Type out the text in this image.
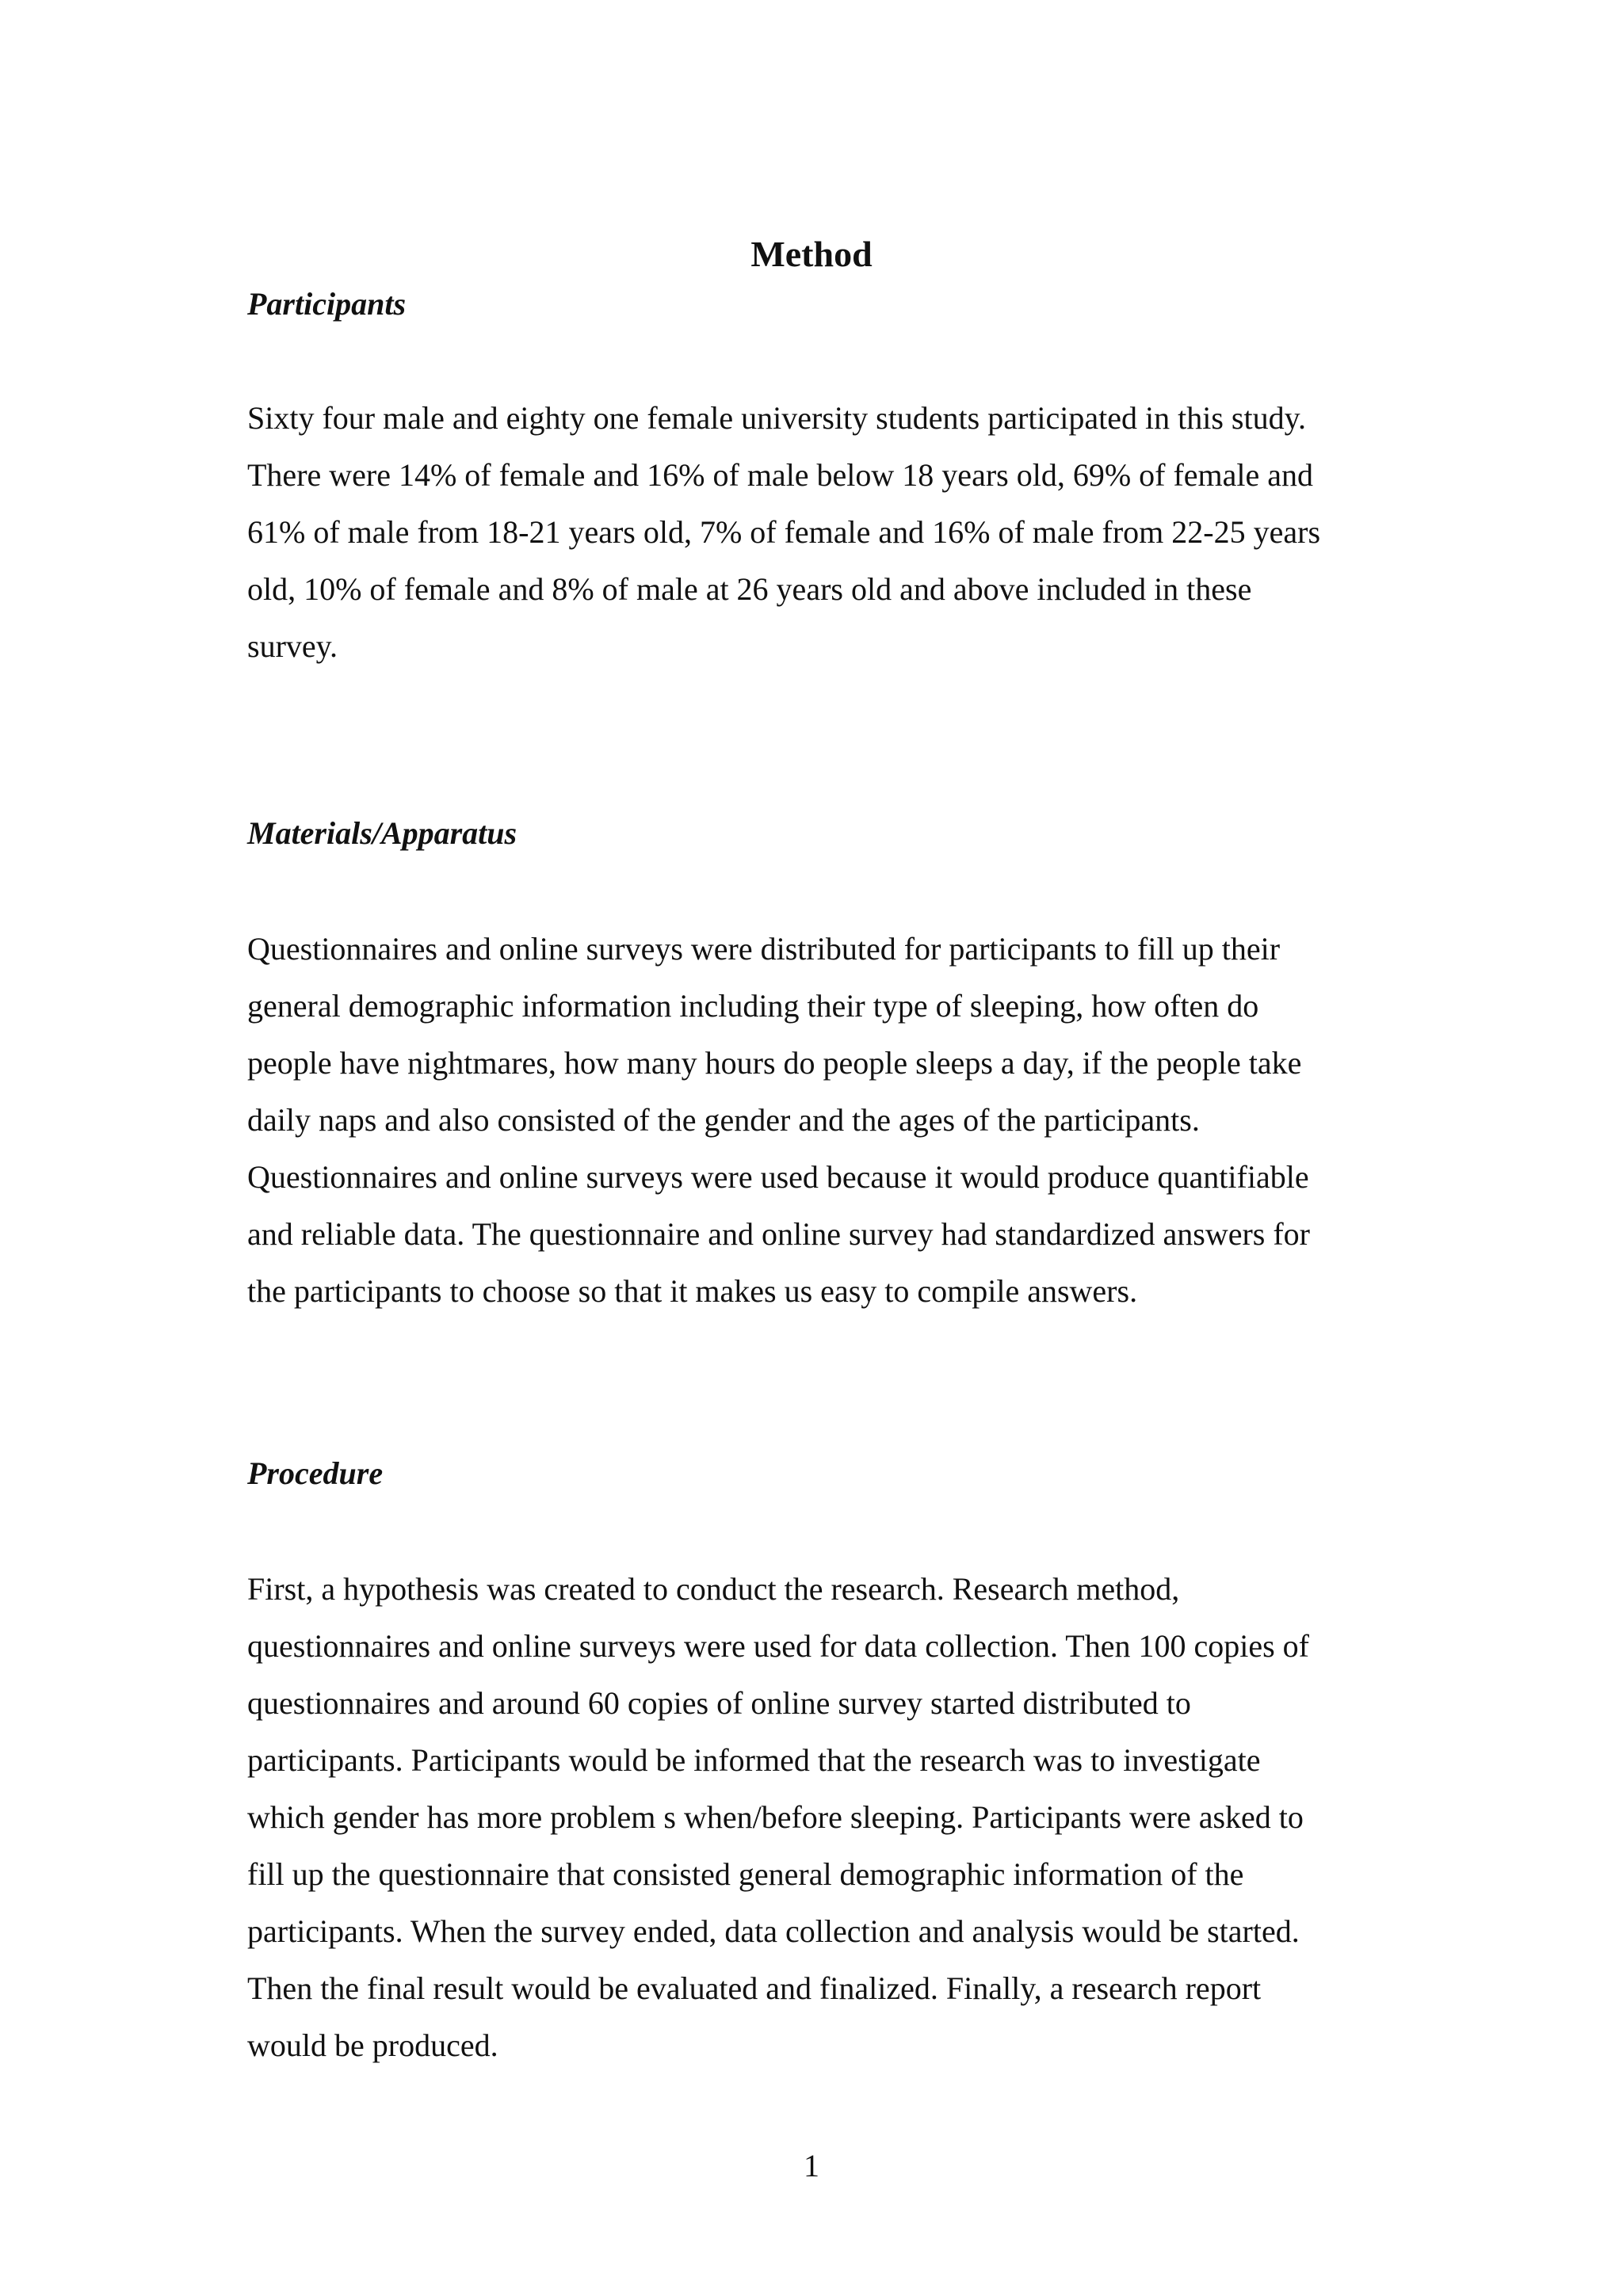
Method
Participants

Sixty four male and eighty one female university students participated in this study.
There were 14% of female and 16% of male below 18 years old, 69% of female and
61% of male from 18-21 years old, 7% of female and 16% of male from 22-25 years
old, 10% of female and 8% of male at 26 years old and above included in these
survey.

Materials/Apparatus

Questionnaires and online surveys were distributed for participants to fill up their
general demographic information including their type of sleeping, how often do
people have nightmares, how many hours do people sleeps a day, if the people take
daily naps and also consisted of the gender and the ages of the participants.
Questionnaires and online surveys were used because it would produce quantifiable
and reliable data. The questionnaire and online survey had standardized answers for
the participants to choose so that it makes us easy to compile answers.

Procedure

First, a hypothesis was created to conduct the research. Research method,
questionnaires and online surveys were used for data collection. Then 100 copies of
questionnaires and around 60 copies of online survey started distributed to
participants. Participants would be informed that the research was to investigate
which gender has more problem s when/before sleeping. Participants were asked to
fill up the questionnaire that consisted general demographic information of the
participants. When the survey ended, data collection and analysis would be started.
Then the final result would be evaluated and finalized. Finally, a research report
would be produced.

1
